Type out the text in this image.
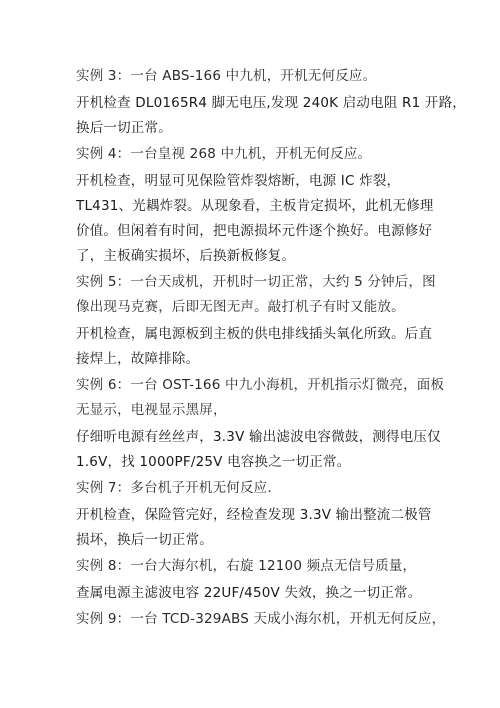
实例 3：一台 ABS-166 中九机，开机无何反应。

开机检查 DL0165R4 脚无电压,发现 240K 启动电阻 R1 开路，
换后一切正常。

实例 4：一台皇视 268 中九机，开机无何反应。

开机检查，明显可见保险管炸裂熔断，电源 IC 炸裂，
TL431、光耦炸裂。从现象看，主板肯定损坏，此机无修理
价值。但闲着有时间，把电源损坏元件逐个换好。电源修好
了，主板确实损坏，后换新板修复。

实例 5：一台天成机，开机时一切正常，大约 5 分钟后，图
像出现马克赛，后即无图无声。敲打机子有时又能放。

开机检查，属电源板到主板的供电排线插头氧化所致。后直
接焊上，故障排除。

实例 6：一台 OST-166 中九小海机，开机指示灯微亮，面板
无显示，电视显示黑屏，

仔细听电源有丝丝声，3.3V 输出滤波电容微鼓，测得电压仅
1.6V，找 1000PF/25V 电容换之一切正常。

实例 7：多台机子开机无何反应.

开机检查，保险管完好，经检查发现 3.3V 输出整流二极管
损坏，换后一切正常。

实例 8：一台大海尔机，右旋 12100 频点无信号质量，

查属电源主滤波电容 22UF/450V 失效，换之一切正常。

实例 9：一台 TCD-329ABS 天成小海尔机，开机无何反应，
